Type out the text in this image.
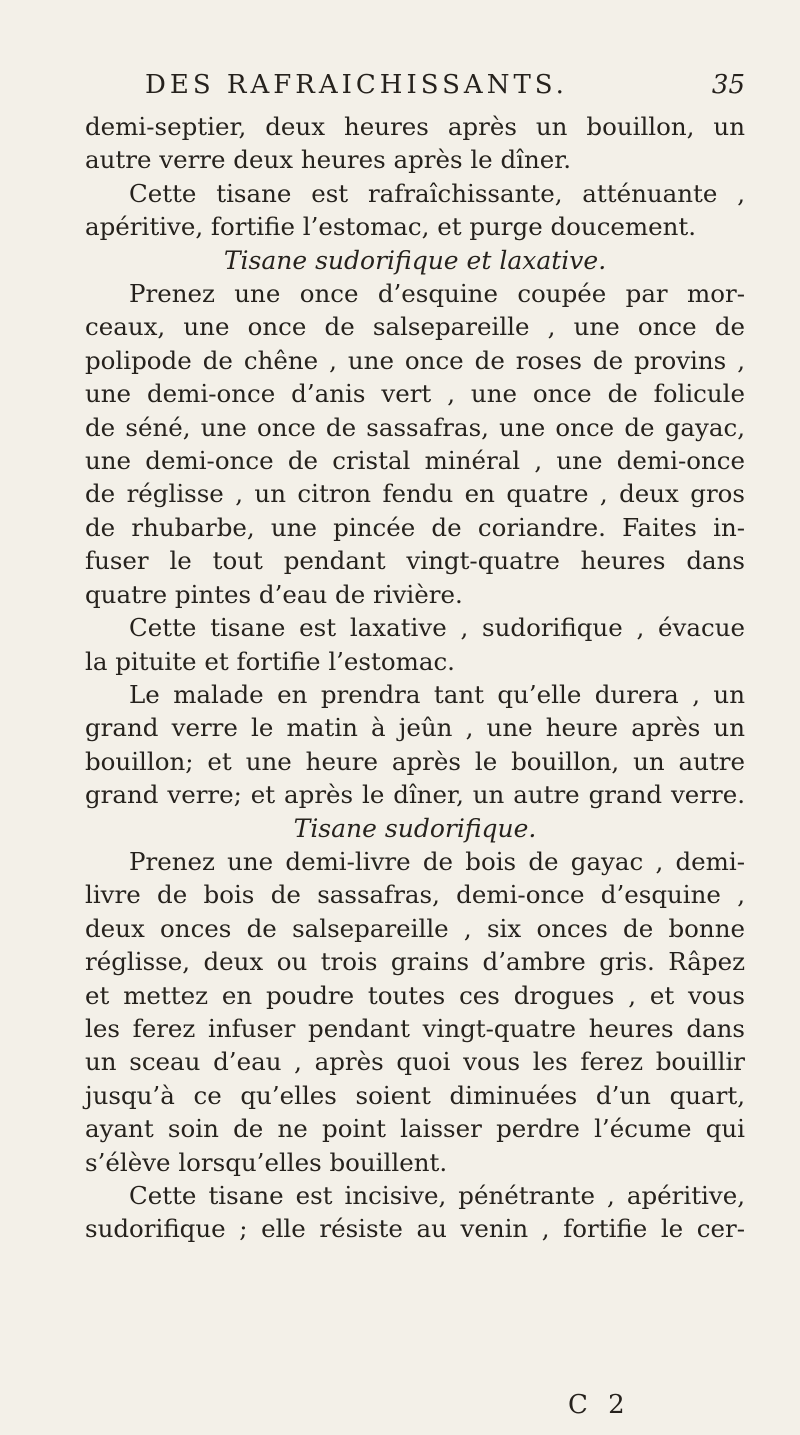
DES RAFRAICHISSANTS.	35
demi-septier, deux heures après un bouillon, un
autre verre deux heures après le dîner.
Cette tisane est rafraîchissante, atténuante ,
apéritive, fortifie l’estomac, et purge doucement.
Tisane sudorifique et laxative.
Prenez une once d’esquine coupée par mor-
ceaux, une once de salsepareille , une once de
polipode de chêne , une once de roses de provins ,
une demi-once d’anis vert , une once de folicule
de séné, une once de sassafras, une once de gayac,
une demi-once de cristal minéral , une demi-once
de réglisse , un citron fendu en quatre , deux gros
de rhubarbe, une pincée de coriandre. Faites in-
fuser le tout pendant vingt-quatre heures dans
quatre pintes d’eau de rivière.
Cette tisane est laxative , sudorifique , évacue
la pituite et fortifie l’estomac.
Le malade en prendra tant qu’elle durera , un
grand verre le matin à jeûn , une heure après un
bouillon; et une heure après le bouillon, un autre
grand verre; et après le dîner, un autre grand verre.
Tisane sudorifique.
Prenez une demi-livre de bois de gayac , demi-
livre de bois de sassafras, demi-once d’esquine ,
deux onces de salsepareille , six onces de bonne
réglisse, deux ou trois grains d’ambre gris. Râpez
et mettez en poudre toutes ces drogues , et vous
les ferez infuser pendant vingt-quatre heures dans
un sceau d’eau , après quoi vous les ferez bouillir
jusqu’à ce qu’elles soient diminuées d’un quart,
ayant soin de ne point laisser perdre l’écume qui
s’élève lorsqu’elles bouillent.
Cette tisane est incisive, pénétrante , apéritive,
sudorifique ; elle résiste au venin , fortifie le cer-
C 2
